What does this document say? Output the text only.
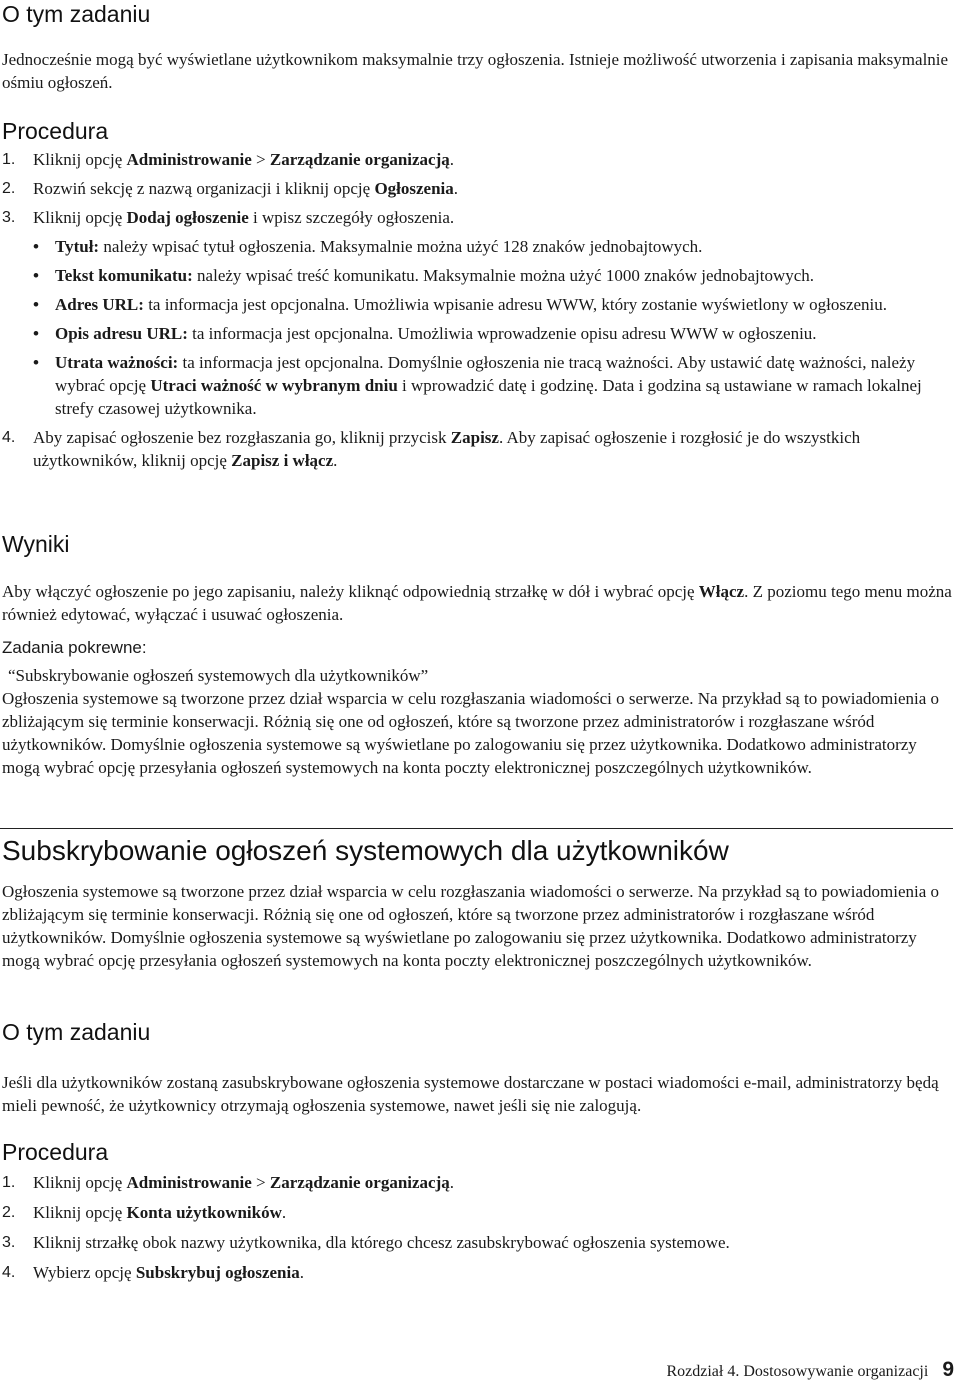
O tym zadaniu

Jednocześnie mogą być wyświetlane użytkownikom maksymalnie trzy ogłoszenia. Istnieje możliwość utworzenia i zapisania maksymalnie ośmiu ogłoszeń.

Procedura
1. Kliknij opcję Administrowanie > Zarządzanie organizacją.
2. Rozwiń sekcję z nazwą organizacji i kliknij opcję Ogłoszenia.
3. Kliknij opcję Dodaj ogłoszenie i wpisz szczegóły ogłoszenia.
• Tytuł: należy wpisać tytuł ogłoszenia. Maksymalnie można użyć 128 znaków jednobajtowych.
• Tekst komunikatu: należy wpisać treść komunikatu. Maksymalnie można użyć 1000 znaków jednobajtowych.
• Adres URL: ta informacja jest opcjonalna. Umożliwia wpisanie adresu WWW, który zostanie wyświetlony w ogłoszeniu.
• Opis adresu URL: ta informacja jest opcjonalna. Umożliwia wprowadzenie opisu adresu WWW w ogłoszeniu.
• Utrata ważności: ta informacja jest opcjonalna. Domyślnie ogłoszenia nie tracą ważności. Aby ustawić datę ważności, należy wybrać opcję Utraci ważność w wybranym dniu i wprowadzić datę i godzinę. Data i godzina są ustawiane w ramach lokalnej strefy czasowej użytkownika.
4. Aby zapisać ogłoszenie bez rozgłaszania go, kliknij przycisk Zapisz. Aby zapisać ogłoszenie i rozgłosić je do wszystkich użytkowników, kliknij opcję Zapisz i włącz.
Wyniki

Aby włączyć ogłoszenie po jego zapisaniu, należy kliknąć odpowiednią strzałkę w dół i wybrać opcję Włącz. Z poziomu tego menu można również edytować, wyłączać i usuwać ogłoszenia.

Zadania pokrewne:

“Subskrybowanie ogłoszeń systemowych dla użytkowników”

Ogłoszenia systemowe są tworzone przez dział wsparcia w celu rozgłaszania wiadomości o serwerze. Na przykład są to powiadomienia o zbliżającym się terminie konserwacji. Różnią się one od ogłoszeń, które są tworzone przez administratorów i rozgłaszane wśród użytkowników. Domyślnie ogłoszenia systemowe są wyświetlane po zalogowaniu się przez użytkownika. Dodatkowo administratorzy mogą wybrać opcję przesyłania ogłoszeń systemowych na konta poczty elektronicznej poszczególnych użytkowników.

Subskrybowanie ogłoszeń systemowych dla użytkowników

Ogłoszenia systemowe są tworzone przez dział wsparcia w celu rozgłaszania wiadomości o serwerze. Na przykład są to powiadomienia o zbliżającym się terminie konserwacji. Różnią się one od ogłoszeń, które są tworzone przez administratorów i rozgłaszane wśród użytkowników. Domyślnie ogłoszenia systemowe są wyświetlane po zalogowaniu się przez użytkownika. Dodatkowo administratorzy mogą wybrać opcję przesyłania ogłoszeń systemowych na konta poczty elektronicznej poszczególnych użytkowników.

O tym zadaniu

Jeśli dla użytkowników zostaną zasubskrybowane ogłoszenia systemowe dostarczane w postaci wiadomości e-mail, administratorzy będą mieli pewność, że użytkownicy otrzymają ogłoszenia systemowe, nawet jeśli się nie zalogują.

Procedura
1. Kliknij opcję Administrowanie > Zarządzanie organizacją.
2. Kliknij opcję Konta użytkowników.
3. Kliknij strzałkę obok nazwy użytkownika, dla którego chcesz zasubskrybować ogłoszenia systemowe.
4. Wybierz opcję Subskrybuj ogłoszenia.
Rozdział 4. Dostosowywanie organizacji 9
